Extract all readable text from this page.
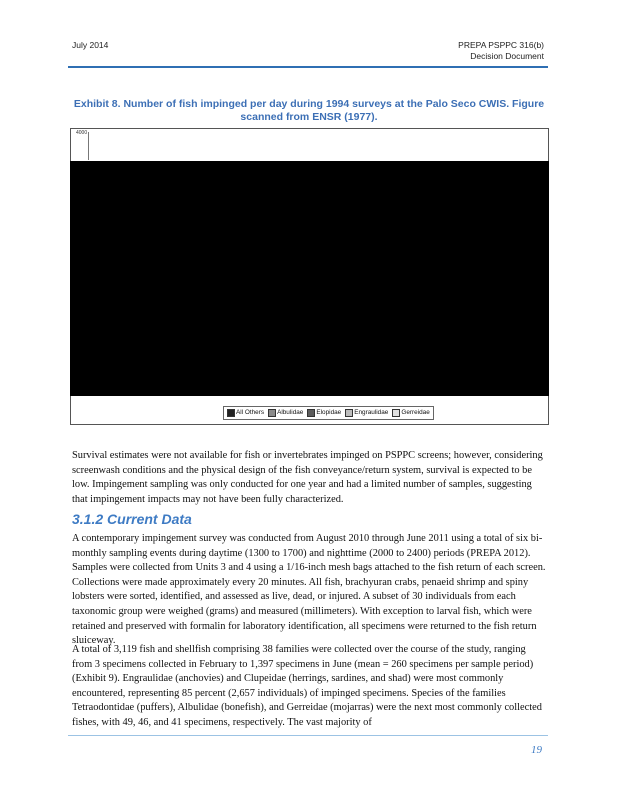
July 2014	PREPA PSPPC 316(b)
Decision Document
Exhibit 8. Number of fish impinged per day during 1994 surveys at the Palo Seco CWIS. Figure scanned from ENSR (1977).
4000
All Others Albulidae Elopidae Engraulidae Gerreidae
Survival estimates were not available for fish or invertebrates impinged on PSPPC screens; however, considering screenwash conditions and the physical design of the fish conveyance/return system, survival is expected to be low. Impingement sampling was only conducted for one year and had a limited number of samples, suggesting that impingement impacts may not have been fully characterized.
3.1.2 Current Data
A contemporary impingement survey was conducted from August 2010 through June 2011 using a total of six bi-monthly sampling events during daytime (1300 to 1700) and nighttime (2000 to 2400) periods (PREPA 2012). Samples were collected from Units 3 and 4 using a 1/16-inch mesh bags attached to the fish return of each screen. Collections were made approximately every 20 minutes. All fish, brachyuran crabs, penaeid shrimp and spiny lobsters were sorted, identified, and assessed as live, dead, or injured. A subset of 30 individuals from each taxonomic group were weighed (grams) and measured (millimeters). With exception to larval fish, which were retained and preserved with formalin for laboratory identification, all specimens were returned to the fish return sluiceway.
A total of 3,119 fish and shellfish comprising 38 families were collected over the course of the study, ranging from 3 specimens collected in February to 1,397 specimens in June (mean = 260 specimens per sample period) (Exhibit 9). Engraulidae (anchovies) and Clupeidae (herrings, sardines, and shad) were most commonly encountered, representing 85 percent (2,657 individuals) of impinged specimens. Species of the families Tetraodontidae (puffers), Albulidae (bonefish), and Gerreidae (mojarras) were the next most commonly collected fishes, with 49, 46, and 41 specimens, respectively. The vast majority of
19
